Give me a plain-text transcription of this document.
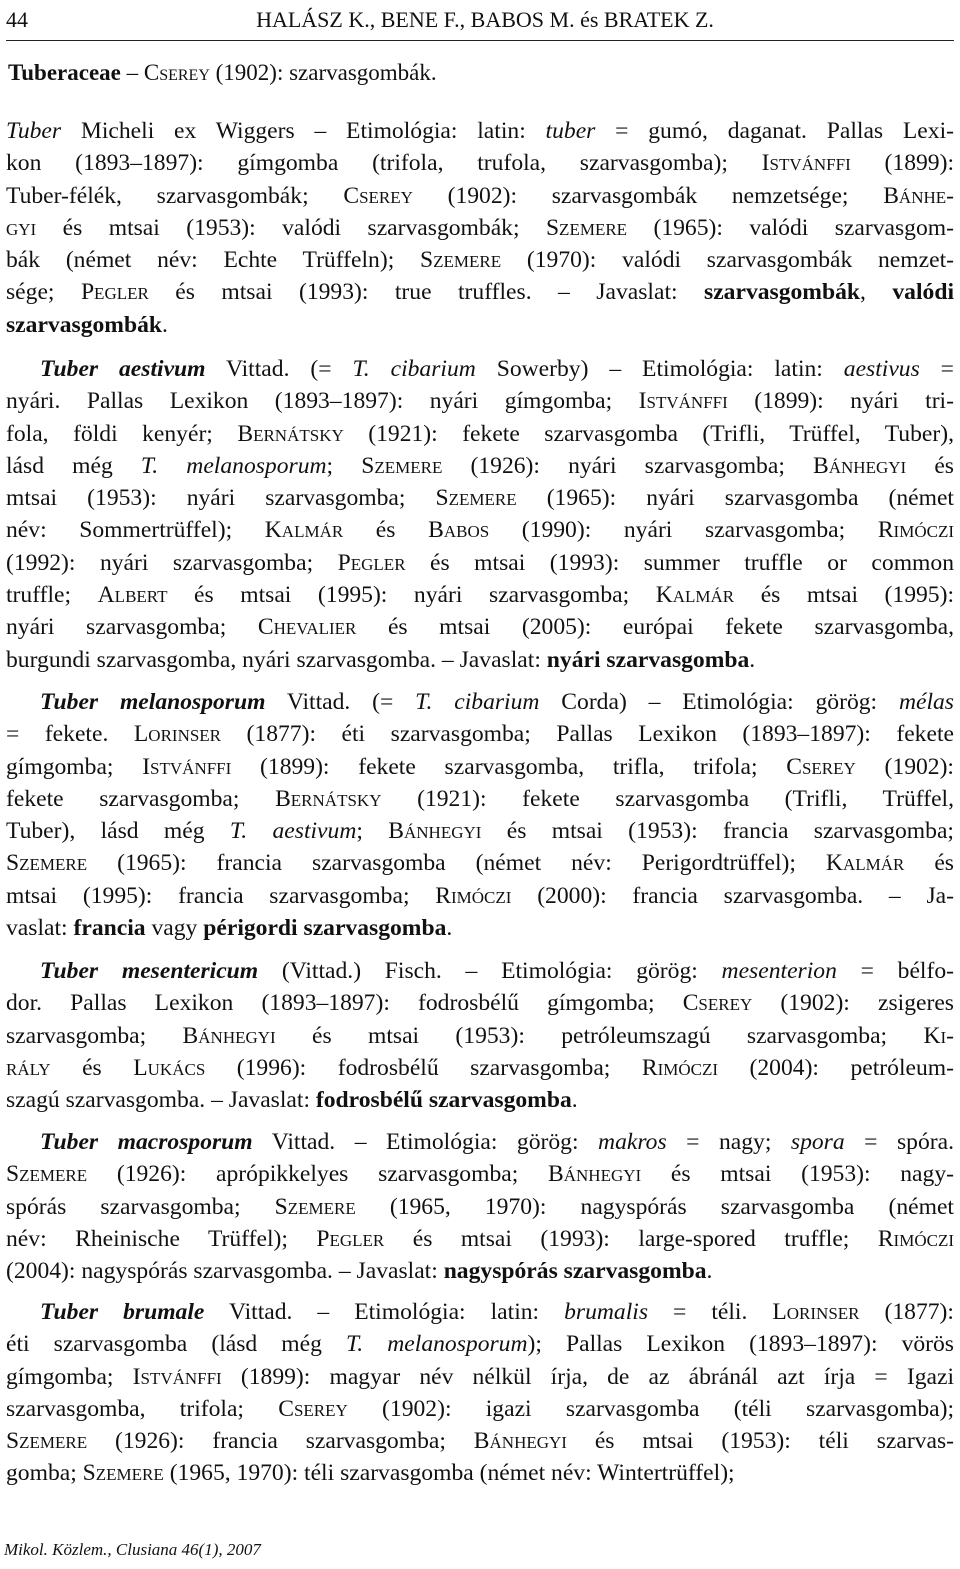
44	HALÁSZ K., BENE F., BABOS M. és BRATEK Z.
Tuberaceae – Cserey (1902): szarvasgombák.
Tuber Micheli ex Wiggers – Etimológia: latin: tuber = gumó, daganat. Pallas Lexi-
kon (1893–1897): gímgomba (trifola, trufola, szarvasgomba); Istvánffi (1899):
Tuber-félék, szarvasgombák; Cserey (1902): szarvasgombák nemzetsége; Bánhe-
gyi és mtsai (1953): valódi szarvasgombák; Szemere (1965): valódi szarvasgom-
bák (német név: Echte Trüffeln); Szemere (1970): valódi szarvasgombák nemzet-
sége; Pegler és mtsai (1993): true truffles. – Javaslat: szarvasgombák, valódi
szarvasgombák.
Tuber aestivum Vittad. (= T. cibarium Sowerby) – Etimológia: latin: aestivus =
nyári. Pallas Lexikon (1893–1897): nyári gímgomba; Istvánffi (1899): nyári tri-
fola, földi kenyér; Bernátsky (1921): fekete szarvasgomba (Trifli, Trüffel, Tuber),
lásd még T. melanosporum; Szemere (1926): nyári szarvasgomba; Bánhegyi és
mtsai (1953): nyári szarvasgomba; Szemere (1965): nyári szarvasgomba (német
név: Sommertrüffel); Kalmár és Babos (1990): nyári szarvasgomba; Rimóczi
(1992): nyári szarvasgomba; Pegler és mtsai (1993): summer truffle or common
truffle; Albert és mtsai (1995): nyári szarvasgomba; Kalmár és mtsai (1995):
nyári szarvasgomba; Chevalier és mtsai (2005): európai fekete szarvasgomba,
burgundi szarvasgomba, nyári szarvasgomba. – Javaslat: nyári szarvasgomba.
Tuber melanosporum Vittad. (= T. cibarium Corda) – Etimológia: görög: mélas
= fekete. Lorinser (1877): éti szarvasgomba; Pallas Lexikon (1893–1897): fekete
gímgomba; Istvánffi (1899): fekete szarvasgomba, trifla, trifola; Cserey (1902):
fekete szarvasgomba; Bernátsky (1921): fekete szarvasgomba (Trifli, Trüffel,
Tuber), lásd még T. aestivum; Bánhegyi és mtsai (1953): francia szarvasgomba;
Szemere (1965): francia szarvasgomba (német név: Perigordtrüffel); Kalmár és
mtsai (1995): francia szarvasgomba; Rimóczi (2000): francia szarvasgomba. – Ja-
vaslat: francia vagy périgordi szarvasgomba.
Tuber mesentericum (Vittad.) Fisch. – Etimológia: görög: mesenterion = bélfo-
dor. Pallas Lexikon (1893–1897): fodrosbélű gímgomba; Cserey (1902): zsigeres
szarvasgomba; Bánhegyi és mtsai (1953): petróleumszagú szarvasgomba; Ki-
rály és Lukács (1996): fodrosbélű szarvasgomba; Rimóczi (2004): petróleum-
szagú szarvasgomba. – Javaslat: fodrosbélű szarvasgomba.
Tuber macrosporum Vittad. – Etimológia: görög: makros = nagy; spora = spóra.
Szemere (1926): aprópikkelyes szarvasgomba; Bánhegyi és mtsai (1953): nagy-
spórás szarvasgomba; Szemere (1965, 1970): nagyspórás szarvasgomba (német
név: Rheinische Trüffel); Pegler és mtsai (1993): large-spored truffle; Rimóczi
(2004): nagyspórás szarvasgomba. – Javaslat: nagyspórás szarvasgomba.
Tuber brumale Vittad. – Etimológia: latin: brumalis = téli. Lorinser (1877):
éti szarvasgomba (lásd még T. melanosporum); Pallas Lexikon (1893–1897): vörös
gímgomba; Istvánffi (1899): magyar név nélkül írja, de az ábránál azt írja = Igazi
szarvasgomba, trifola; Cserey (1902): igazi szarvasgomba (téli szarvasgomba);
Szemere (1926): francia szarvasgomba; Bánhegyi és mtsai (1953): téli szarvas-
gomba; Szemere (1965, 1970): téli szarvasgomba (német név: Wintertrüffel);
Mikol. Közlem., Clusiana 46(1), 2007
